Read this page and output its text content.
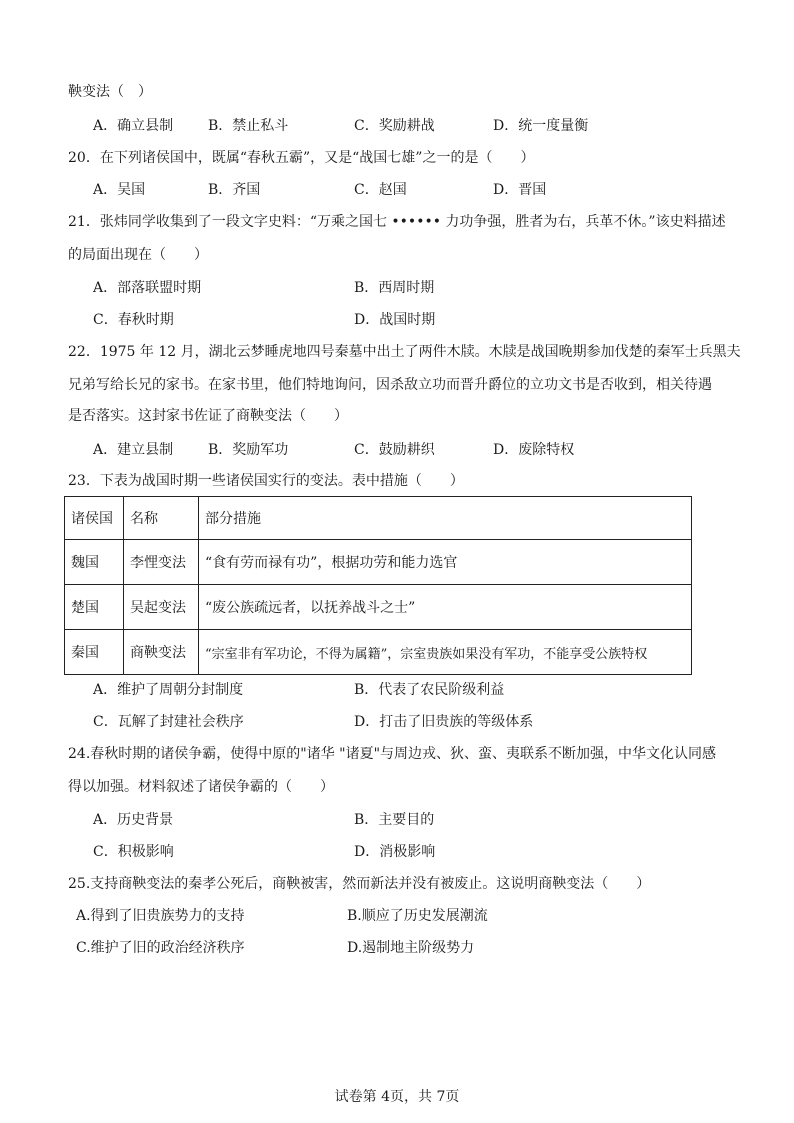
鞅变法（　）
A．确立县制 B．禁止私斗	C．奖励耕战	D．统一度量衡
20．在下列诸侯国中，既属“春秋五霸”，又是“战国七雄”之一的是（　　）
A．吴国	B．齐国	C．赵国	D．晋国
21．张炜同学收集到了一段文字史料：“万乘之国七 •••••• 力功争强，胜者为右，兵革不休。”该史料描述
的局面出现在（　　）
A．部落联盟时期	B．西周时期
C．春秋时期	D．战国时期
22．1975 年 12 月，湖北云梦睡虎地四号秦墓中出土了两件木牍。木牍是战国晚期参加伐楚的秦军士兵黑夫
兄弟写给长兄的家书。在家书里，他们特地询问，因杀敌立功而晋升爵位的立功文书是否收到，相关待遇
是否落实。这封家书佐证了商鞅变法（　　）
A．建立县制 B．奖励军功	C．鼓励耕织	D．废除特权
23．下表为战国时期一些诸侯国实行的变法。表中措施（　　）
诸侯国	名称	部分措施
魏国	李悝变法	“食有劳而禄有功”，根据功劳和能力选官
楚国	吴起变法	“废公族疏远者，以抚养战斗之士”
秦国	商鞅变法	“宗室非有军功论，不得为属籍”，宗室贵族如果没有军功，不能享受公族特权
A．维护了周朝分封制度	B．代表了农民阶级利益
C．瓦解了封建社会秩序	D．打击了旧贵族的等级体系
24.春秋时期的诸侯争霸，使得中原的"诸华 "诸夏"与周边戎、狄、蛮、夷联系不断加强，中华文化认同感
得以加强。材料叙述了诸侯争霸的（　　）
A．历史背景	B．主要目的
C．积极影响	D．消极影响
25.支持商鞅变法的秦孝公死后，商鞅被害，然而新法并没有被废止。这说明商鞅变法（　　）
A.得到了旧贵族势力的支持	B.顺应了历史发展潮流
C.维护了旧的政治经济秩序	D.遏制地主阶级势力
试卷第 4页，共 7页
